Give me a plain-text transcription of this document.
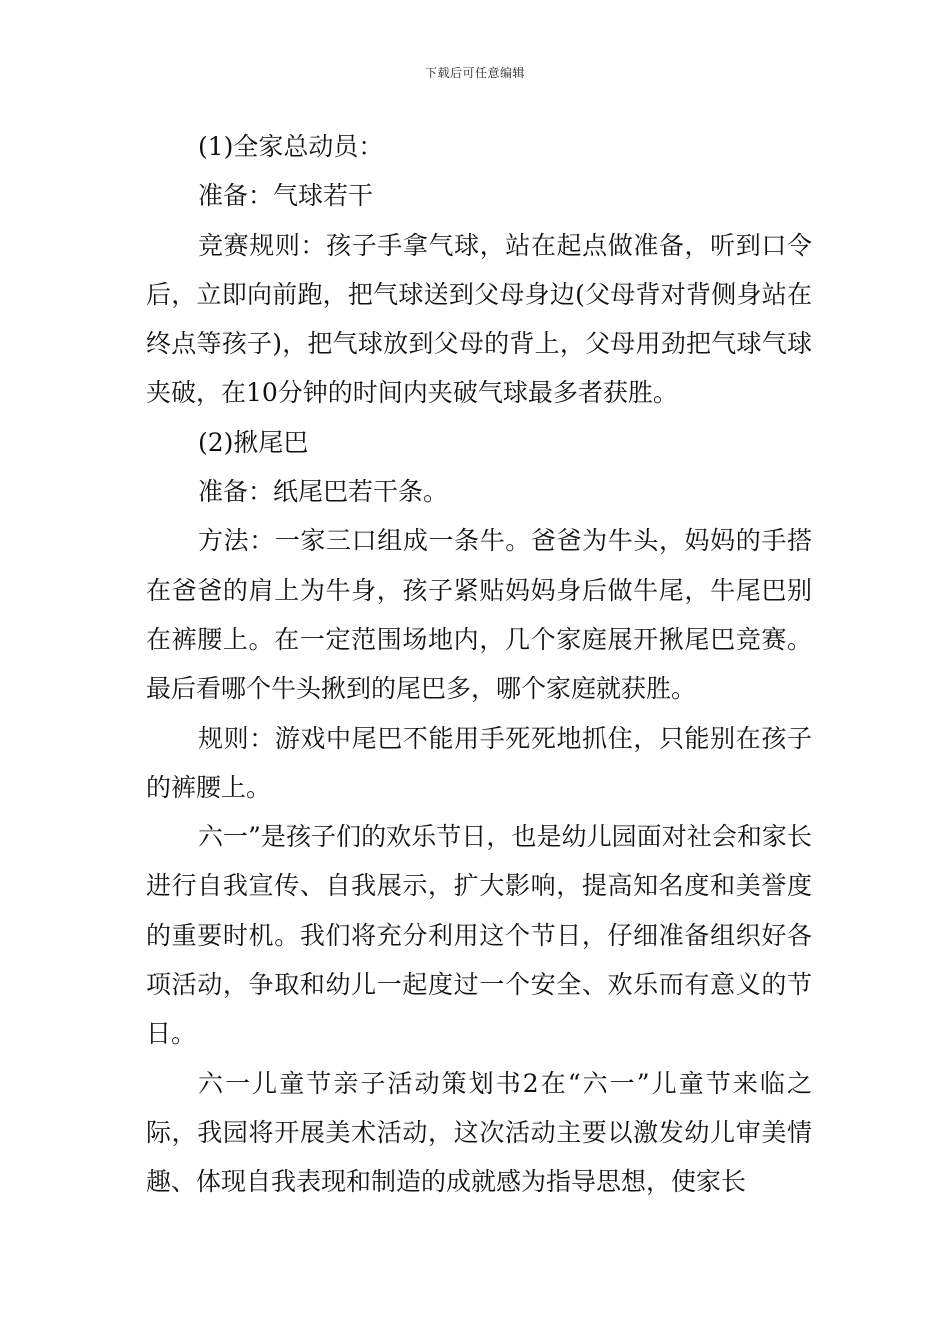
下载后可任意编辑

(1)全家总动员：

准备：气球若干

竞赛规则：孩子手拿气球，站在起点做准备，听到口令后，立即向前跑，把气球送到父母身边(父母背对背侧身站在终点等孩子)，把气球放到父母的背上，父母用劲把气球气球夹破，在10分钟的时间内夹破气球最多者获胜。

(2)揪尾巴

准备：纸尾巴若干条。

方法：一家三口组成一条牛。爸爸为牛头，妈妈的手搭在爸爸的肩上为牛身，孩子紧贴妈妈身后做牛尾，牛尾巴别在裤腰上。在一定范围场地内，几个家庭展开揪尾巴竞赛。最后看哪个牛头揪到的尾巴多，哪个家庭就获胜。

规则：游戏中尾巴不能用手死死地抓住，只能别在孩子的裤腰上。

六一”是孩子们的欢乐节日，也是幼儿园面对社会和家长进行自我宣传、自我展示，扩大影响，提高知名度和美誉度的重要时机。我们将充分利用这个节日，仔细准备组织好各项活动，争取和幼儿一起度过一个安全、欢乐而有意义的节日。

六一儿童节亲子活动策划书2在“六一”儿童节来临之际，我园将开展美术活动，这次活动主要以激发幼儿审美情趣、体现自我表现和制造的成就感为指导思想，使家长
